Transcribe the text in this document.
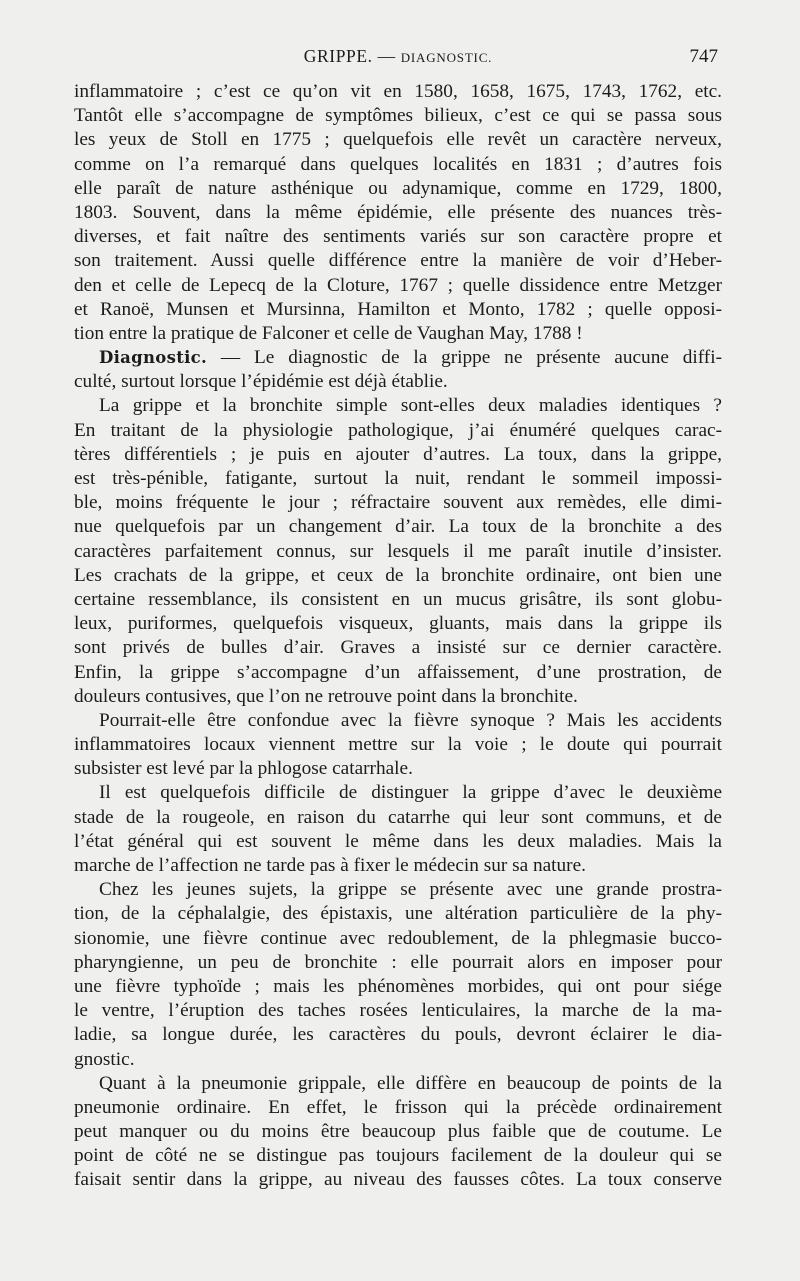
GRIPPE. — DIAGNOSTIC.	747
inflammatoire ; c’est ce qu’on vit en 1580, 1658, 1675, 1743, 1762, etc.
Tantôt elle s’accompagne de symptômes bilieux, c’est ce qui se passa sous
les yeux de Stoll en 1775 ; quelquefois elle revêt un caractère nerveux,
comme on l’a remarqué dans quelques localités en 1831 ; d’autres fois
elle paraît de nature asthénique ou adynamique, comme en 1729, 1800,
1803. Souvent, dans la même épidémie, elle présente des nuances très-
diverses, et fait naître des sentiments variés sur son caractère propre et
son traitement. Aussi quelle différence entre la manière de voir d’Heber-
den et celle de Lepecq de la Cloture, 1767 ; quelle dissidence entre Metzger
et Ranoë, Munsen et Mursinna, Hamilton et Monto, 1782 ; quelle opposi-
tion entre la pratique de Falconer et celle de Vaughan May, 1788 !
Diagnostic. — Le diagnostic de la grippe ne présente aucune diffi-
culté, surtout lorsque l’épidémie est déjà établie.
La grippe et la bronchite simple sont-elles deux maladies identiques ?
En traitant de la physiologie pathologique, j’ai énuméré quelques carac-
tères différentiels ; je puis en ajouter d’autres. La toux, dans la grippe,
est très-pénible, fatigante, surtout la nuit, rendant le sommeil impossi-
ble, moins fréquente le jour ; réfractaire souvent aux remèdes, elle dimi-
nue quelquefois par un changement d’air. La toux de la bronchite a des
caractères parfaitement connus, sur lesquels il me paraît inutile d’insister.
Les crachats de la grippe, et ceux de la bronchite ordinaire, ont bien une
certaine ressemblance, ils consistent en un mucus grisâtre, ils sont globu-
leux, puriformes, quelquefois visqueux, gluants, mais dans la grippe ils
sont privés de bulles d’air. Graves a insisté sur ce dernier caractère.
Enfin, la grippe s’accompagne d’un affaissement, d’une prostration, de
douleurs contusives, que l’on ne retrouve point dans la bronchite.
Pourrait-elle être confondue avec la fièvre synoque ? Mais les accidents
inflammatoires locaux viennent mettre sur la voie ; le doute qui pourrait
subsister est levé par la phlogose catarrhale.
Il est quelquefois difficile de distinguer la grippe d’avec le deuxième
stade de la rougeole, en raison du catarrhe qui leur sont communs, et de
l’état général qui est souvent le même dans les deux maladies. Mais la
marche de l’affection ne tarde pas à fixer le médecin sur sa nature.
Chez les jeunes sujets, la grippe se présente avec une grande prostra-
tion, de la céphalalgie, des épistaxis, une altération particulière de la phy-
sionomie, une fièvre continue avec redoublement, de la phlegmasie bucco-
pharyngienne, un peu de bronchite : elle pourrait alors en imposer pour
une fièvre typhoïde ; mais les phénomènes morbides, qui ont pour siége
le ventre, l’éruption des taches rosées lenticulaires, la marche de la ma-
ladie, sa longue durée, les caractères du pouls, devront éclairer le dia-
gnostic.
Quant à la pneumonie grippale, elle diffère en beaucoup de points de la
pneumonie ordinaire. En effet, le frisson qui la précède ordinairement
peut manquer ou du moins être beaucoup plus faible que de coutume. Le
point de côté ne se distingue pas toujours facilement de la douleur qui se
faisait sentir dans la grippe, au niveau des fausses côtes. La toux conserve
